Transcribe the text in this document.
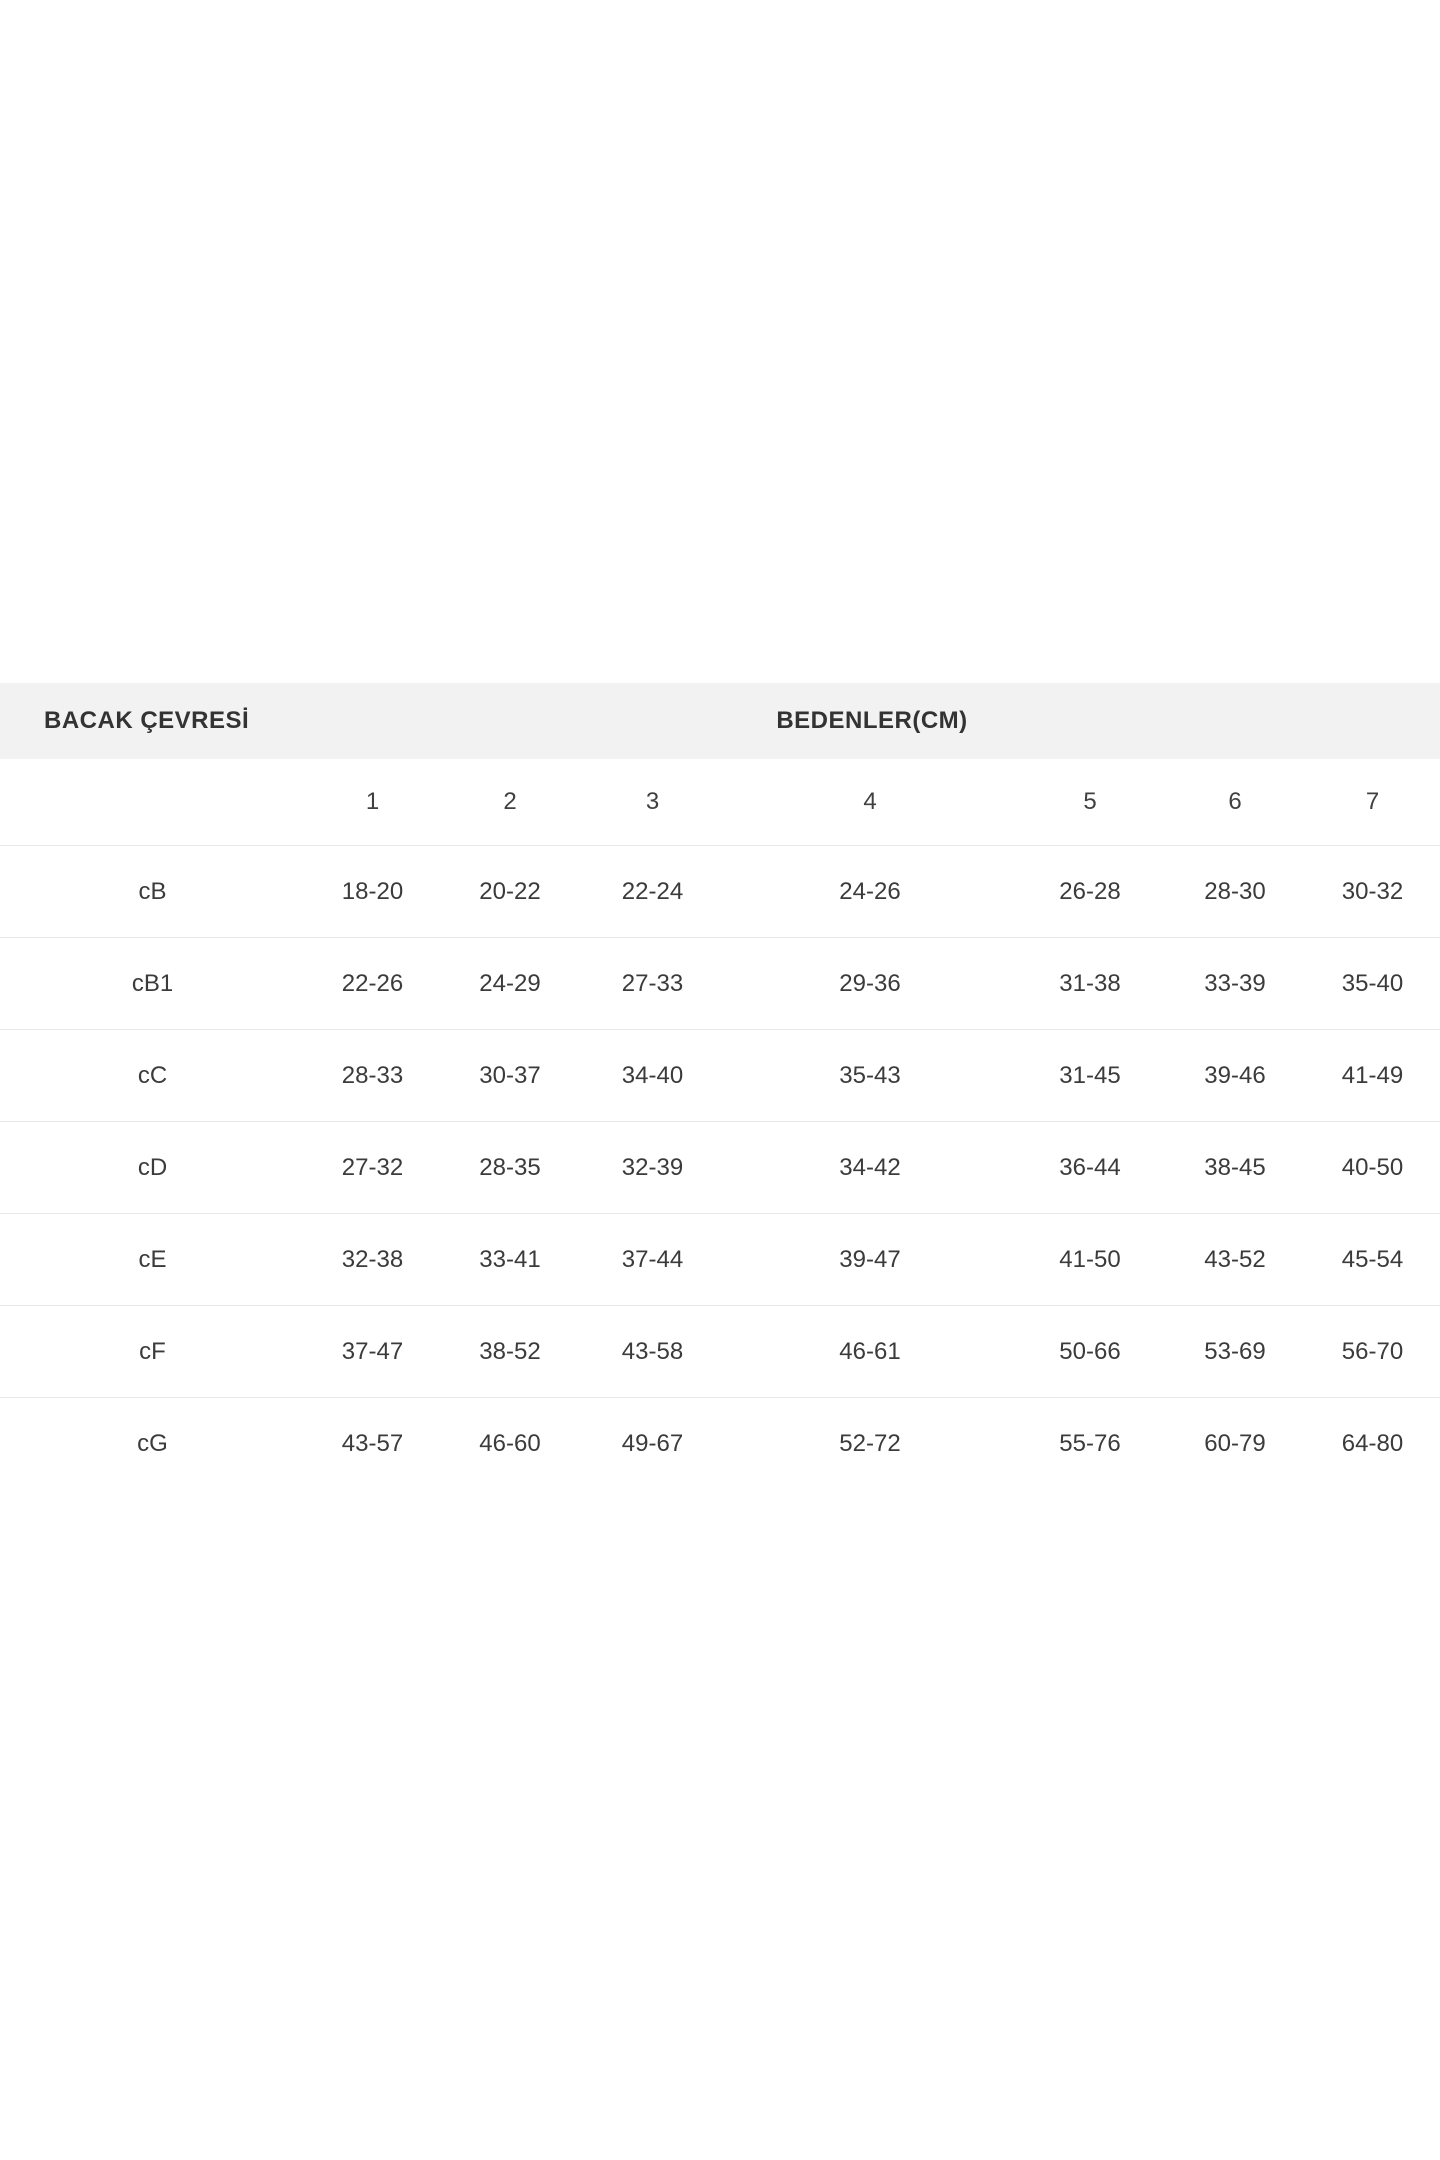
BACAK ÇEVRESİ	BEDENLER(CM)
1	2	3	4	5	6	7
cB	18-20	20-22	22-24	24-26	26-28	28-30	30-32
cB1	22-26	24-29	27-33	29-36	31-38	33-39	35-40
cC	28-33	30-37	34-40	35-43	31-45	39-46	41-49
cD	27-32	28-35	32-39	34-42	36-44	38-45	40-50
cE	32-38	33-41	37-44	39-47	41-50	43-52	45-54
cF	37-47	38-52	43-58	46-61	50-66	53-69	56-70
cG	43-57	46-60	49-67	52-72	55-76	60-79	64-80
